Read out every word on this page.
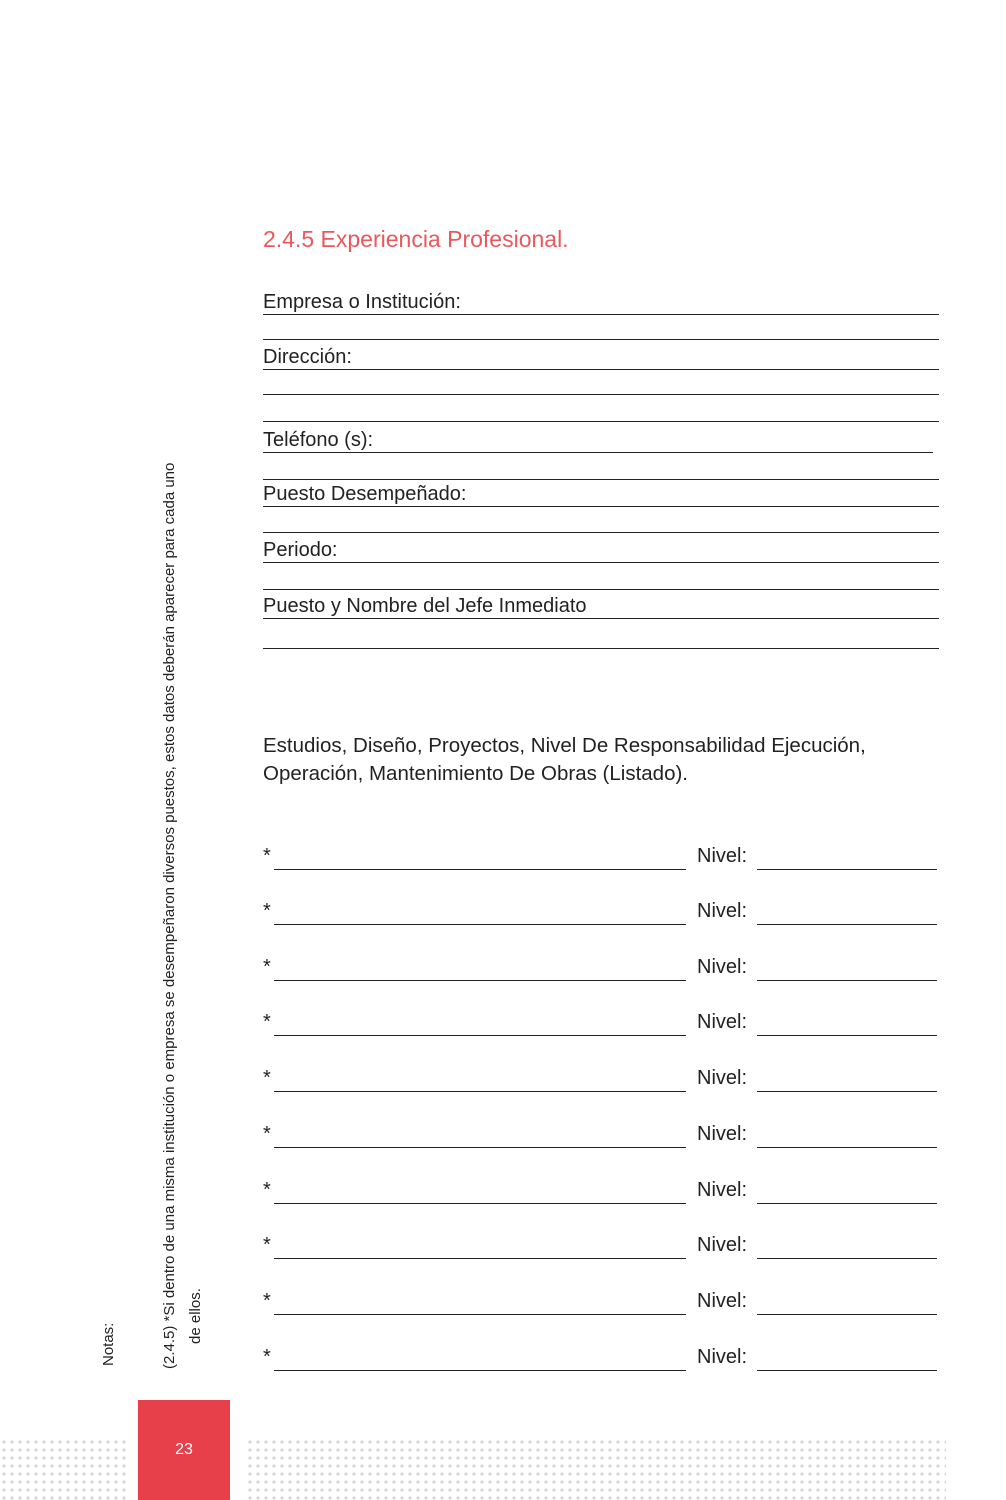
2.4.5 Experiencia Profesional.
Empresa o Institución:
Dirección:
Teléfono (s):
Puesto Desempeñado:
Periodo:
Puesto y Nombre del Jefe Inmediato

Estudios, Diseño, Proyectos, Nivel De Responsabilidad Ejecución, Operación, Mantenimiento De Obras (Listado).

*	Nivel:
*	Nivel:
*	Nivel:
*	Nivel:
*	Nivel:
*	Nivel:
*	Nivel:
*	Nivel:
*	Nivel:
*	Nivel:
Notas:	(2.4.5) *Si dentro de una misma institución o empresa se desempeñaron diversos puestos, estos datos deberán aparecer para cada uno de ellos.
23
